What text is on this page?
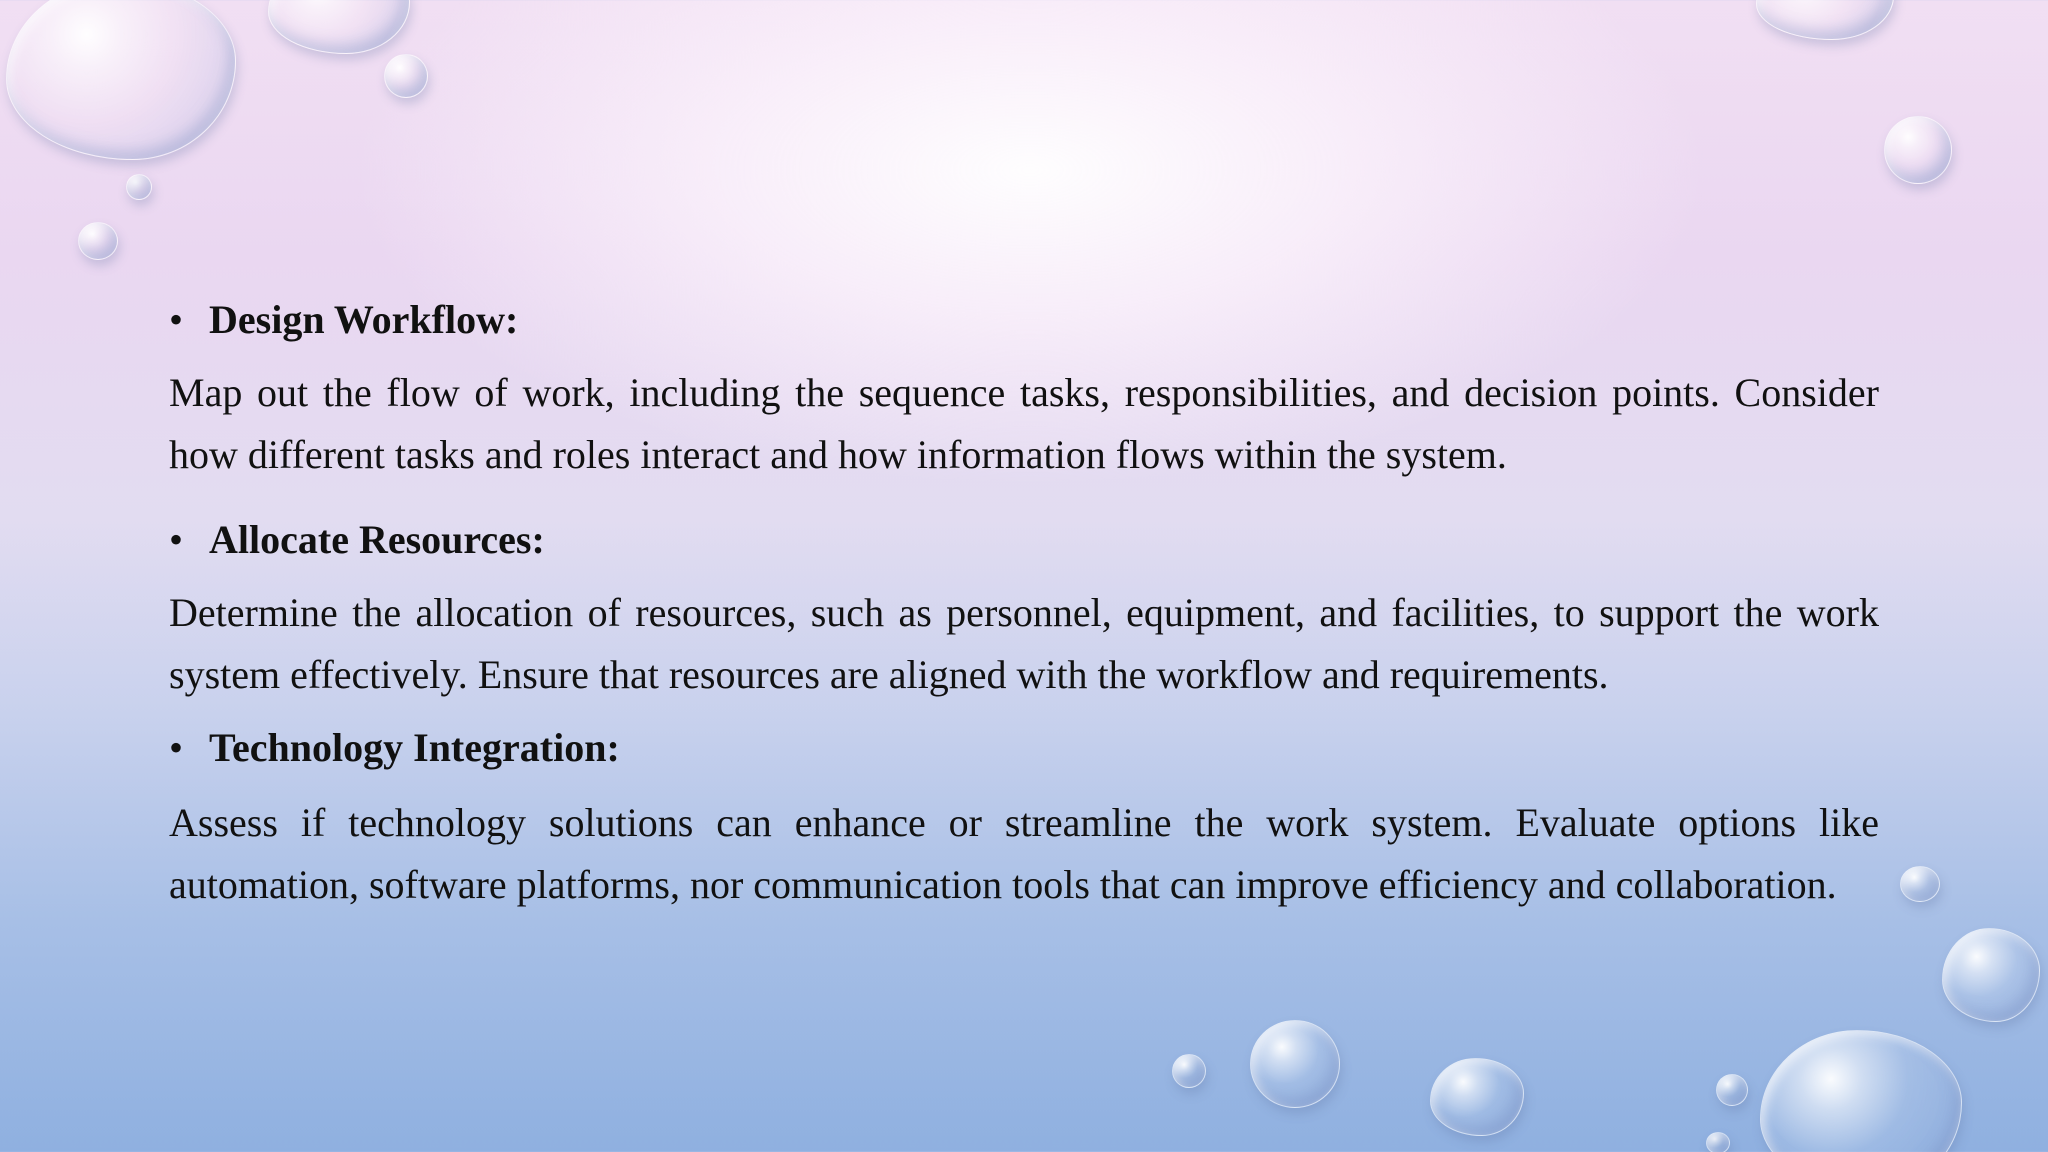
• Design Workflow:

Map out the flow of work, including the sequence tasks, responsibilities, and decision points. Consider how different tasks and roles interact and how information flows within the system.

• Allocate Resources:

Determine the allocation of resources, such as personnel, equipment, and facilities, to support the work system effectively. Ensure that resources are aligned with the workflow and requirements.

• Technology Integration:

Assess if technology solutions can enhance or streamline the work system. Evaluate options like automation, software platforms, nor communication tools that can improve efficiency and collaboration.
